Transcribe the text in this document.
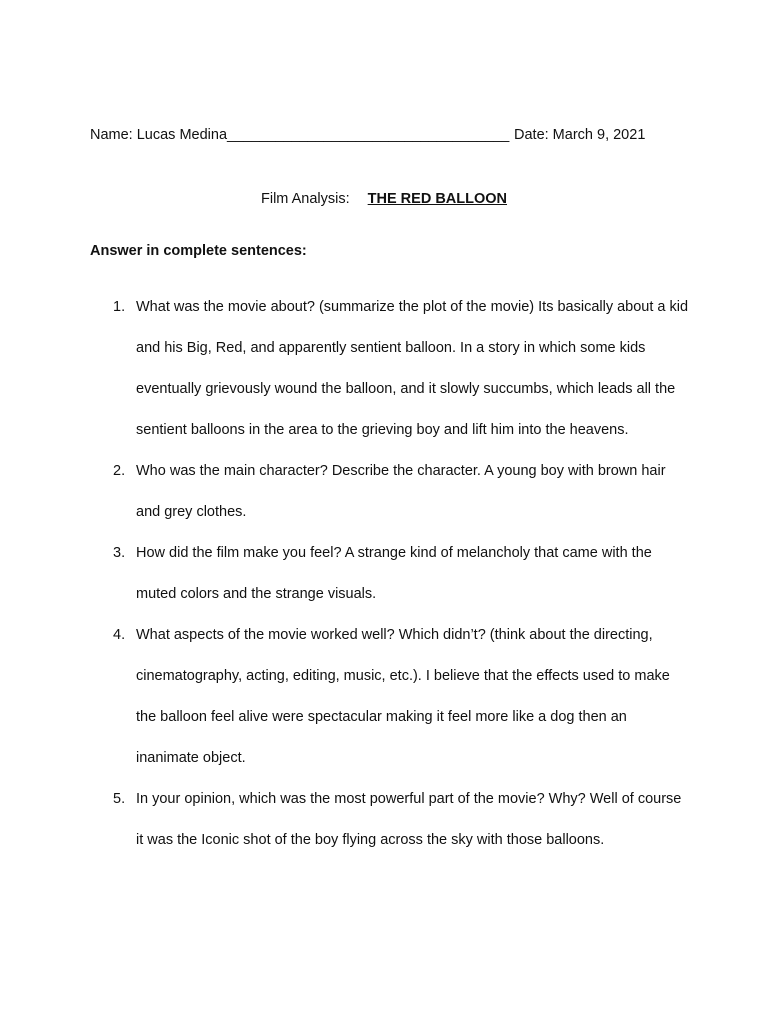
Name: Lucas Medina___________________________________ Date: March 9, 2021
Film Analysis: THE RED BALLOON
Answer in complete sentences:
1. What was the movie about? (summarize the plot of the movie) Its basically about a kid and his Big, Red, and apparently sentient balloon. In a story in which some kids eventually grievously wound the balloon, and it slowly succumbs, which leads all the sentient balloons in the area to the grieving boy and lift him into the heavens.
2. Who was the main character? Describe the character. A young boy with brown hair and grey clothes.
3. How did the film make you feel? A strange kind of melancholy that came with the muted colors and the strange visuals.
4. What aspects of the movie worked well? Which didn’t? (think about the directing, cinematography, acting, editing, music, etc.). I believe that the effects used to make the balloon feel alive were spectacular making it feel more like a dog then an inanimate object.
5. In your opinion, which was the most powerful part of the movie? Why? Well of course it was the Iconic shot of the boy flying across the sky with those balloons.
